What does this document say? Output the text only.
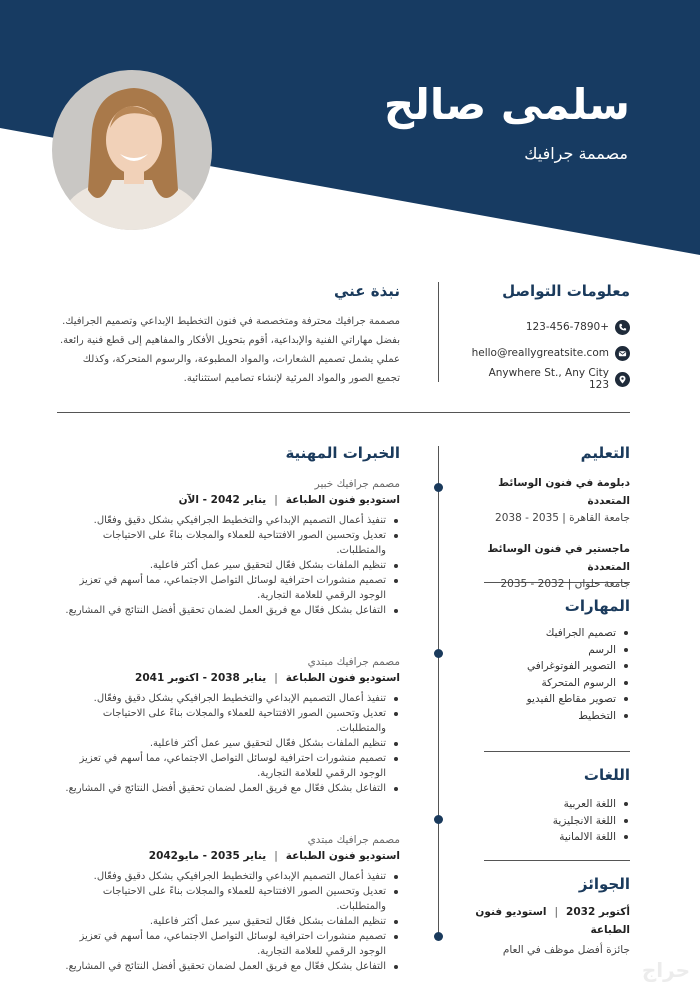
سلمى صالح
مصممة جرافيك
معلومات التواصل
123-456-7890+
hello@reallygreatsite.com
Anywhere St., Any City 123
نبذة عني

مصممة جرافيك محترفة ومتخصصة في فنون التخطيط الإبداعي وتصميم الجرافيك. بفضل مهاراتي الفنية والإبداعية، أقوم بتحويل الأفكار والمفاهيم إلى قطع فنية رائعة. عملي يشمل تصميم الشعارات، والمواد المطبوعة، والرسوم المتحركة، وكذلك تجميع الصور والمواد المرئية لإنشاء تصاميم استثنائية.

التعليم
دبلومة في فنون الوسائط المتعددة
جامعة القاهرة | 2035 - 2038
ماجستير في فنون الوسائط المتعددة
جامعة حلوان | 2032 - 2035
المهارات
تصميم الجرافيك
الرسم
التصوير الفوتوغرافي
الرسوم المتحركة
تصوير مقاطع الفيديو
التخطيط
اللغات
اللغة العربية
اللغة الانجليزية
اللغة الالمانية
الجوائز
أكتوبر 2032|استوديو فنون الطباعة
جائزة أفضل موظف في العام
الخبرات المهنية
مصمم جرافيك خبير
استوديو فنون الطباعة|يناير 2042 - الآن
تنفيذ أعمال التصميم الإبداعي والتخطيط الجرافيكي بشكل دقيق وفعّال.
تعديل وتحسين الصور الافتتاحية للعملاء والمجلات بناءً على الاحتياجات والمتطلبات.
تنظيم الملفات بشكل فعّال لتحقيق سير عمل أكثر فاعلية.
تصميم منشورات احترافية لوسائل التواصل الاجتماعي، مما أسهم في تعزيز الوجود الرقمي للعلامة التجارية.
التفاعل بشكل فعّال مع فريق العمل لضمان تحقيق أفضل النتائج في المشاريع.
مصمم جرافيك مبتدي
استوديو فنون الطباعة|يناير 2038 - اكتوبر 2041
تنفيذ أعمال التصميم الإبداعي والتخطيط الجرافيكي بشكل دقيق وفعّال.
تعديل وتحسين الصور الافتتاحية للعملاء والمجلات بناءً على الاحتياجات والمتطلبات.
تنظيم الملفات بشكل فعّال لتحقيق سير عمل أكثر فاعلية.
تصميم منشورات احترافية لوسائل التواصل الاجتماعي، مما أسهم في تعزيز الوجود الرقمي للعلامة التجارية.
التفاعل بشكل فعّال مع فريق العمل لضمان تحقيق أفضل النتائج في المشاريع.
مصمم جرافيك مبتدي
استوديو فنون الطباعة|يناير 2035 - مايو2042
تنفيذ أعمال التصميم الإبداعي والتخطيط الجرافيكي بشكل دقيق وفعّال.
تعديل وتحسين الصور الافتتاحية للعملاء والمجلات بناءً على الاحتياجات والمتطلبات.
تنظيم الملفات بشكل فعّال لتحقيق سير عمل أكثر فاعلية.
تصميم منشورات احترافية لوسائل التواصل الاجتماعي، مما أسهم في تعزيز الوجود الرقمي للعلامة التجارية.
التفاعل بشكل فعّال مع فريق العمل لضمان تحقيق أفضل النتائج في المشاريع.	حراج
